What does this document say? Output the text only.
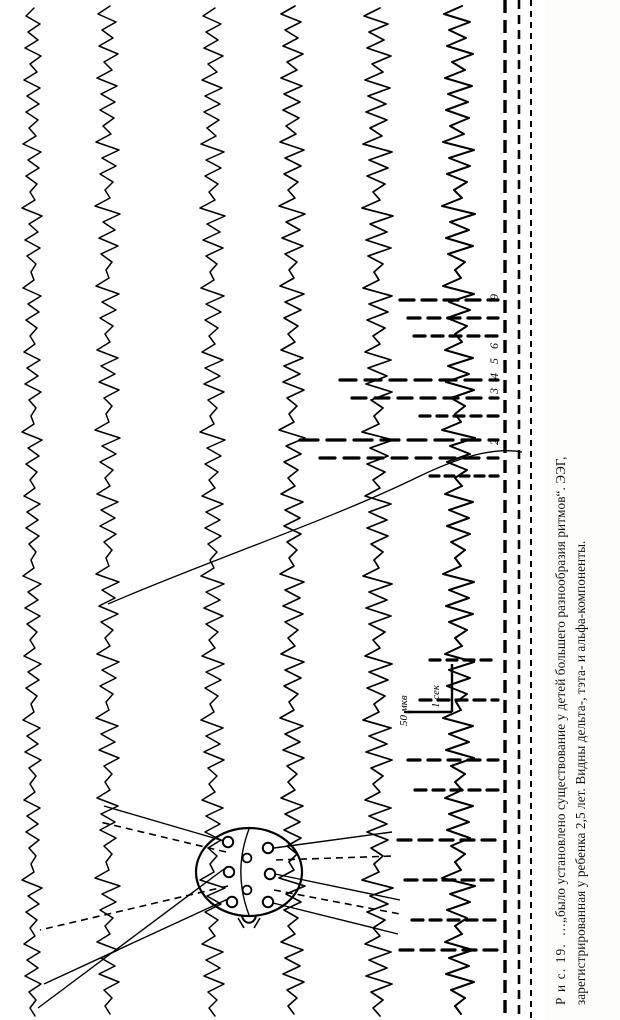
50 мкв 1 сек
2
3
4
5
6
9
Р и с. 19.  …„было установлено существование у детей большего разнообразия ритмов“. ЭЭГ, зарегистрированная у ребенка 2,5 лет. Видны дельта-, тэта- и альфа-компоненты.
